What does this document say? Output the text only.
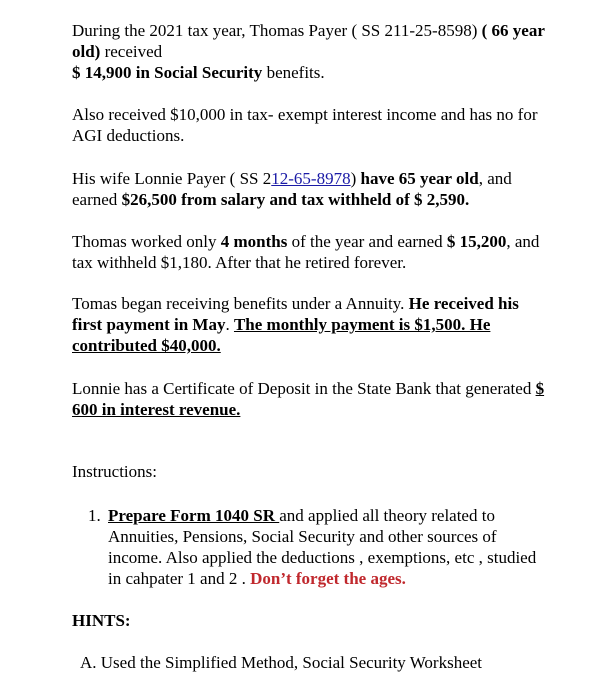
During the 2021 tax year, Thomas Payer ( SS 211-25-8598) ( 66 year old) received
$ 14,900 in Social Security benefits.

Also received $10,000 in tax- exempt interest income and has no for AGI deductions.

His wife Lonnie Payer ( SS 212-65-8978) have 65 year old, and earned $26,500 from salary and tax withheld of $ 2,590.

Thomas worked only 4 months of the year and earned $ 15,200, and tax withheld $1,180. After that he retired forever.

Tomas began receiving benefits under a Annuity. He received his first payment in May. The monthly payment is $1,500. He contributed $40,000.

Lonnie has a Certificate of Deposit in the State Bank that generated $ 600 in interest revenue.

Instructions:

1. Prepare Form 1040 SR and applied all theory related to Annuities, Pensions, Social Security and other sources of income. Also applied the deductions , exemptions, etc , studied in cahpater 1 and 2 . Don’t forget the ages.

HINTS:

A. Used the Simplified Method, Social Security Worksheet
